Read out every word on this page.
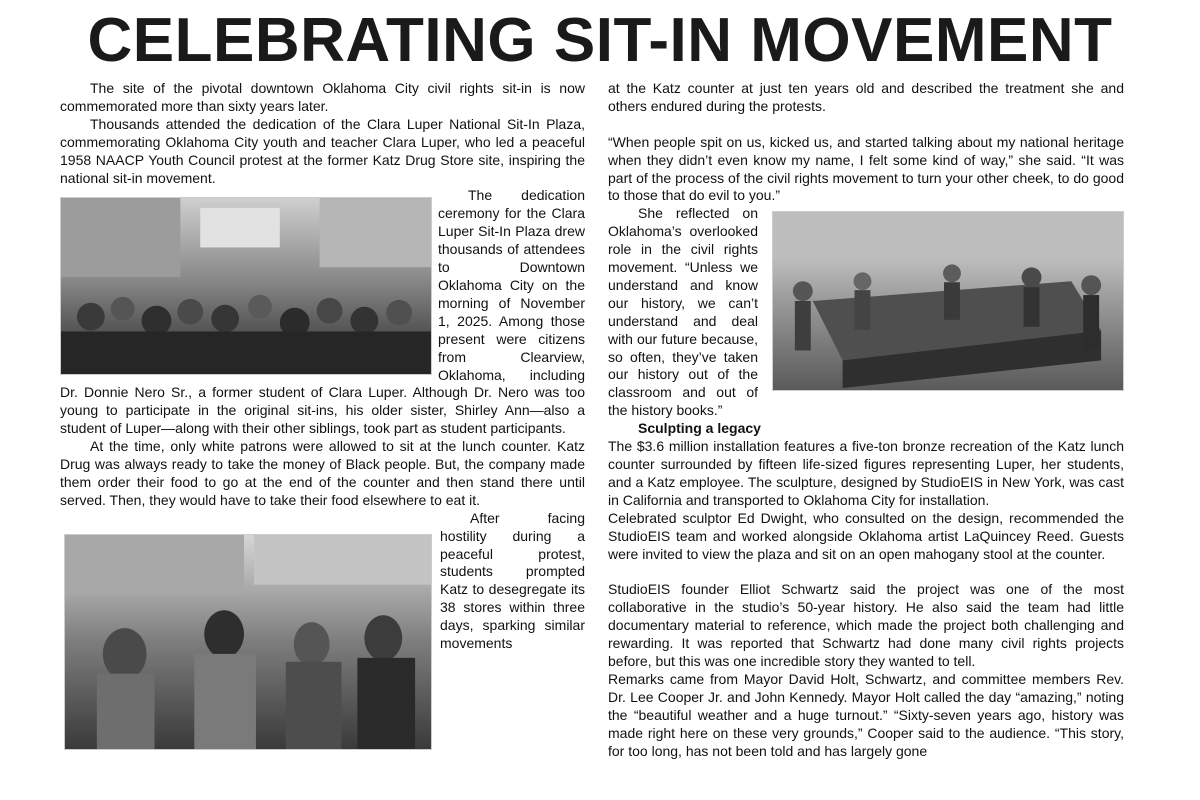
CELEBRATING SIT-IN MOVEMENT

The site of the pivotal downtown Oklahoma City civil rights sit-in is now commemorated more than sixty years later.

Thousands attended the dedication of the Clara Luper National Sit-In Plaza, commemorating Oklahoma City youth and teacher Clara Luper, who led a peaceful 1958 NAACP Youth Council protest at the former Katz Drug Store site, inspiring the national sit-in movement.

The dedication ceremony for the Clara Luper Sit-In Plaza drew thousands of attendees to Downtown Oklahoma City on the morning of November 1, 2025. Among those present were citizens from Clearview, Oklahoma, including Dr. Donnie Nero Sr., a former student of Clara Luper. Although Dr. Nero was too young to participate in the original sit-ins, his older sister, Shirley Ann—also a student of Luper—along with their other siblings, took part as student participants.

At the time, only white patrons were allowed to sit at the lunch counter. Katz Drug was always ready to take the money of Black people. But, the company made them order their food to go at the end of the counter and then stand there until served. Then, they would have to take their food elsewhere to eat it.

After facing hostility during a peaceful protest, students prompted Katz to desegregate its 38 stores within three days, sparking similar movements

at the Katz counter at just ten years old and described the treatment she and others endured during the protests.

“When people spit on us, kicked us, and started talking about my national heritage when they didn’t even know my name, I felt some kind of way,” she said. “It was part of the process of the civil rights movement to turn your other cheek, to do good to those that do evil to you.”

She reflected on Oklahoma’s overlooked role in the civil rights movement. “Unless we understand and know our history, we can’t understand and deal with our future because, so often, they’ve taken our history out of the classroom and out of the history books.”

Sculpting a legacy

The $3.6 million installation features a five-ton bronze recreation of the Katz lunch counter surrounded by fifteen life-sized figures representing Luper, her students, and a Katz employee. The sculpture, designed by StudioEIS in New York, was cast in California and transported to Oklahoma City for installation.

Celebrated sculptor Ed Dwight, who consulted on the design, recommended the StudioEIS team and worked alongside Oklahoma artist LaQuincey Reed. Guests were invited to view the plaza and sit on an open mahogany stool at the counter.

StudioEIS founder Elliot Schwartz said the project was one of the most collaborative in the studio’s 50-year history. He also said the team had little documentary material to reference, which made the project both challenging and rewarding. It was reported that Schwartz had done many civil rights projects before, but this was one incredible story they wanted to tell.

Remarks came from Mayor David Holt, Schwartz, and committee members Rev. Dr. Lee Cooper Jr. and John Kennedy. Mayor Holt called the day “amazing,” noting the “beautiful weather and a huge turnout.” “Sixty-seven years ago, history was made right here on these very grounds,” Cooper said to the audience. “This story, for too long, has not been told and has largely gone
